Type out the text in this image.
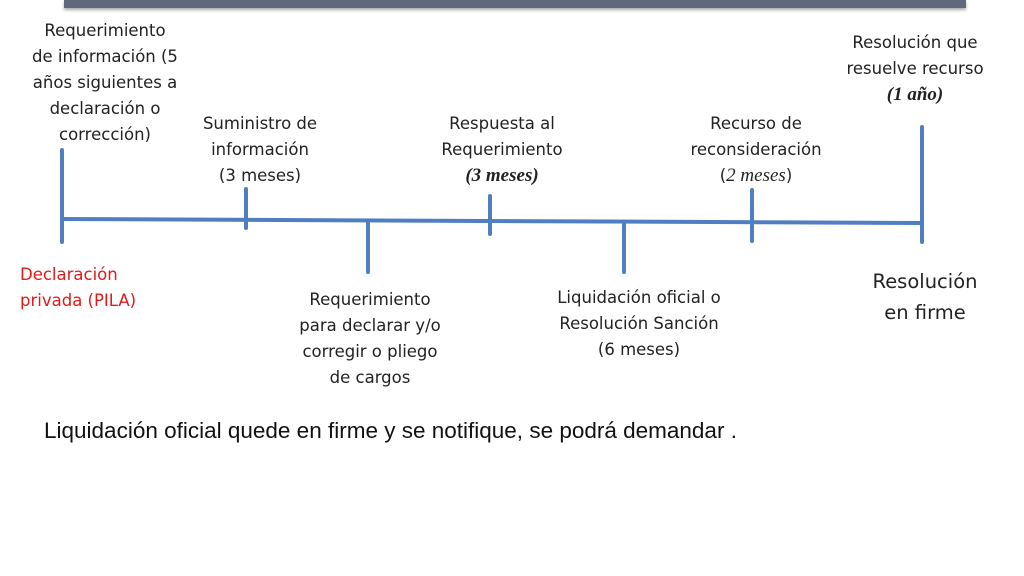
Requerimiento
de información (5
años siguientes a
declaración o
corrección)
Suministro de
información
(3 meses)
Respuesta al
Requerimiento
(3 meses)
Recurso de
reconsideración
(2 meses)
Resolución que
resuelve recurso
(1 año)
Declaración
privada (PILA)	Requerimiento
para declarar y/o
corregir o pliego
de cargos
Liquidación oficial o
Resolución Sanción
(6 meses)
Resolución
en firme
Liquidación oficial quede en firme y se notifique, se podrá demandar .
